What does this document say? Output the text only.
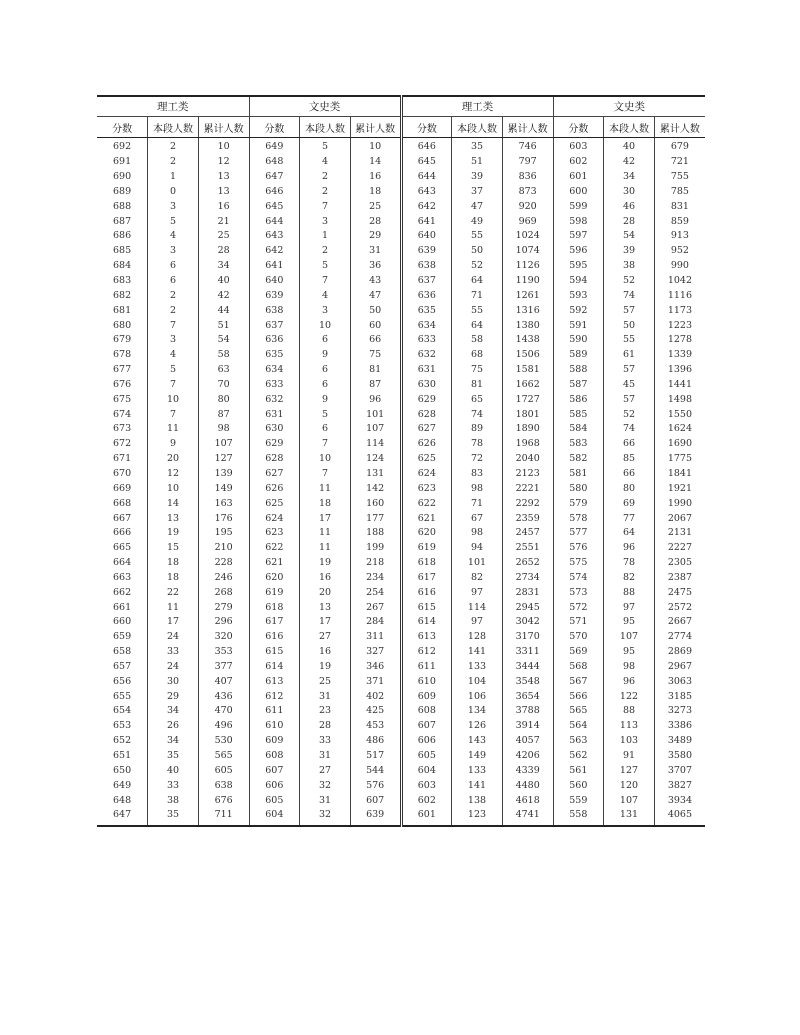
理工类			文史类			理工类			文史类		
分数	本段人数	累计人数	分数	本段人数	累计人数	分数	本段人数	累计人数	分数	本段人数	累计人数
692	2	10	649	5	10	646	35	746	603	40	679
691	2	12	648	4	14	645	51	797	602	42	721
690	1	13	647	2	16	644	39	836	601	34	755
689	0	13	646	2	18	643	37	873	600	30	785
688	3	16	645	7	25	642	47	920	599	46	831
687	5	21	644	3	28	641	49	969	598	28	859
686	4	25	643	1	29	640	55	1024	597	54	913
685	3	28	642	2	31	639	50	1074	596	39	952
684	6	34	641	5	36	638	52	1126	595	38	990
683	6	40	640	7	43	637	64	1190	594	52	1042
682	2	42	639	4	47	636	71	1261	593	74	1116
681	2	44	638	3	50	635	55	1316	592	57	1173
680	7	51	637	10	60	634	64	1380	591	50	1223
679	3	54	636	6	66	633	58	1438	590	55	1278
678	4	58	635	9	75	632	68	1506	589	61	1339
677	5	63	634	6	81	631	75	1581	588	57	1396
676	7	70	633	6	87	630	81	1662	587	45	1441
675	10	80	632	9	96	629	65	1727	586	57	1498
674	7	87	631	5	101	628	74	1801	585	52	1550
673	11	98	630	6	107	627	89	1890	584	74	1624
672	9	107	629	7	114	626	78	1968	583	66	1690
671	20	127	628	10	124	625	72	2040	582	85	1775
670	12	139	627	7	131	624	83	2123	581	66	1841
669	10	149	626	11	142	623	98	2221	580	80	1921
668	14	163	625	18	160	622	71	2292	579	69	1990
667	13	176	624	17	177	621	67	2359	578	77	2067
666	19	195	623	11	188	620	98	2457	577	64	2131
665	15	210	622	11	199	619	94	2551	576	96	2227
664	18	228	621	19	218	618	101	2652	575	78	2305
663	18	246	620	16	234	617	82	2734	574	82	2387
662	22	268	619	20	254	616	97	2831	573	88	2475
661	11	279	618	13	267	615	114	2945	572	97	2572
660	17	296	617	17	284	614	97	3042	571	95	2667
659	24	320	616	27	311	613	128	3170	570	107	2774
658	33	353	615	16	327	612	141	3311	569	95	2869
657	24	377	614	19	346	611	133	3444	568	98	2967
656	30	407	613	25	371	610	104	3548	567	96	3063
655	29	436	612	31	402	609	106	3654	566	122	3185
654	34	470	611	23	425	608	134	3788	565	88	3273
653	26	496	610	28	453	607	126	3914	564	113	3386
652	34	530	609	33	486	606	143	4057	563	103	3489
651	35	565	608	31	517	605	149	4206	562	91	3580
650	40	605	607	27	544	604	133	4339	561	127	3707
649	33	638	606	32	576	603	141	4480	560	120	3827
648	38	676	605	31	607	602	138	4618	559	107	3934
647	35	711	604	32	639	601	123	4741	558	131	4065
